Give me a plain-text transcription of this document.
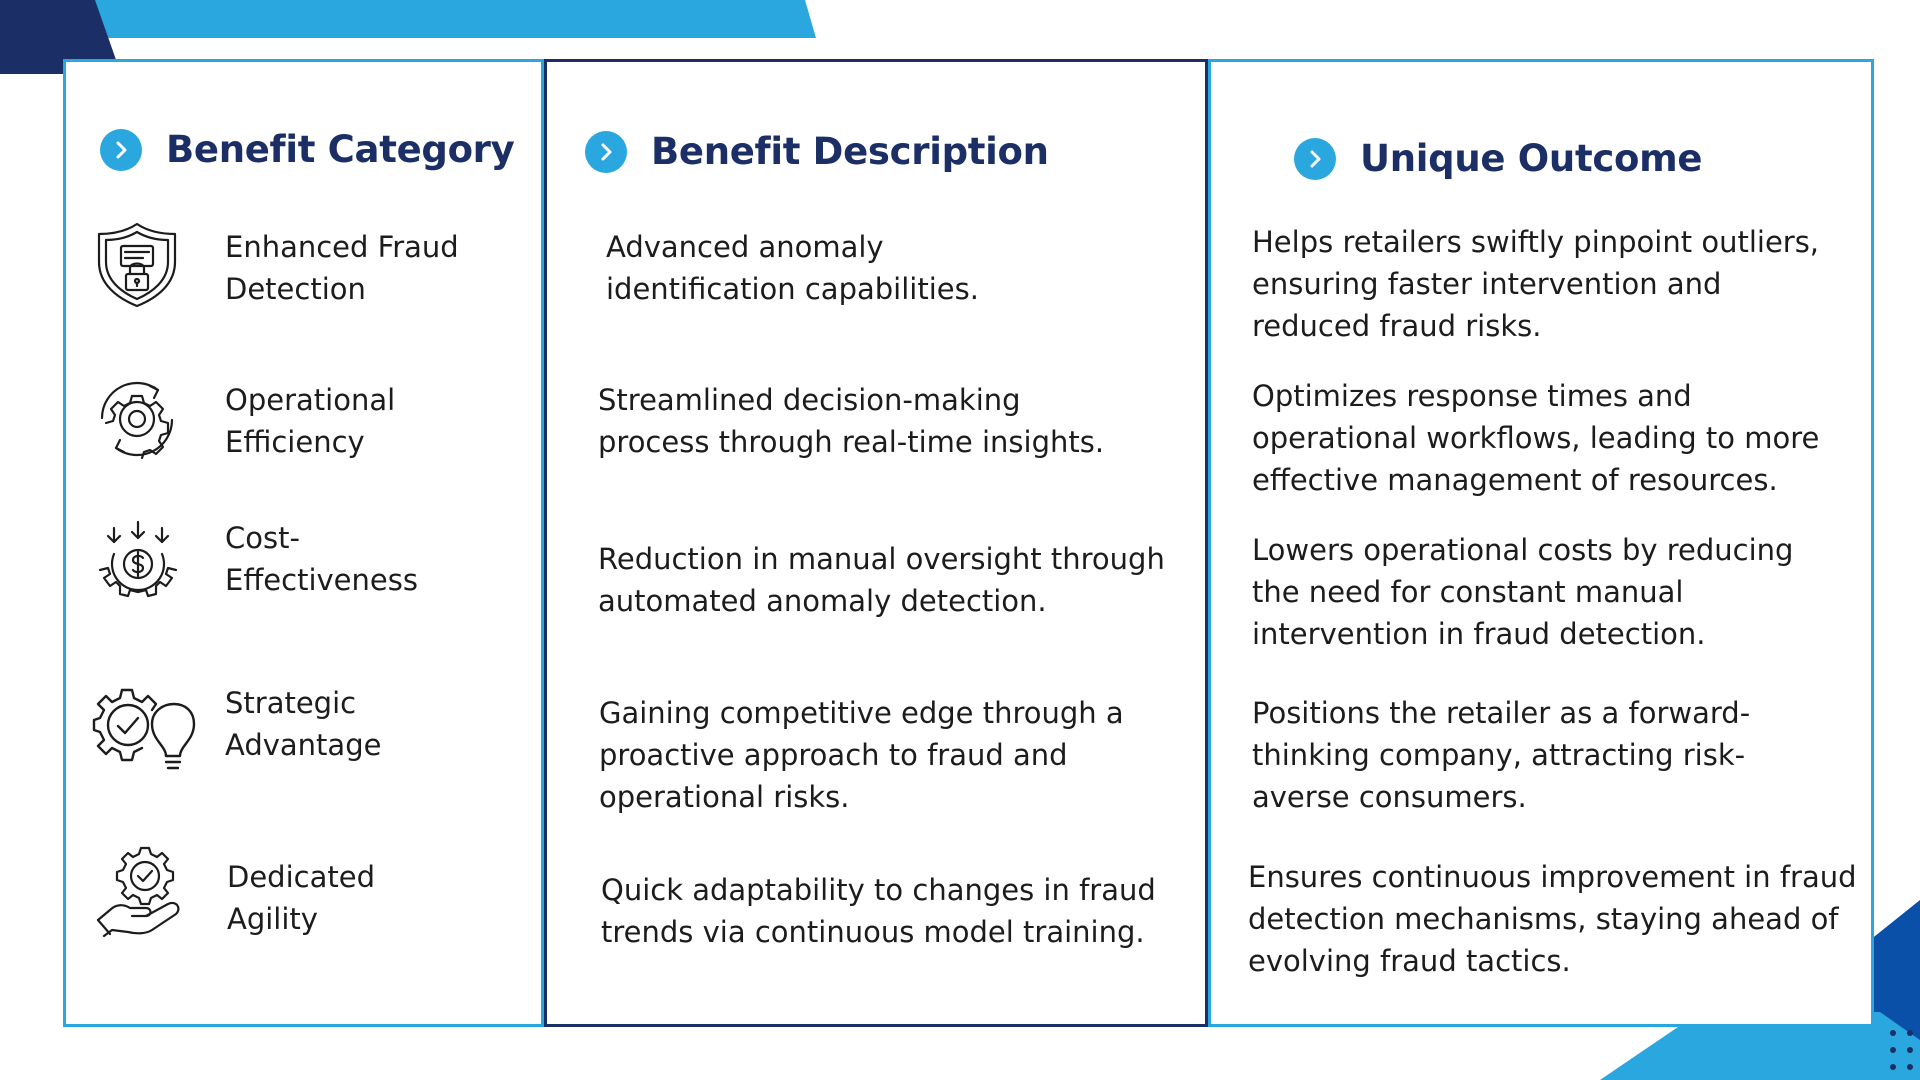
Benefit Category	Benefit Description	Unique Outcome
Enhanced Fraud
Detection
Operational
Efficiency
Cost-
Effectiveness
Strategic
Advantage
Dedicated
Agility
Advanced anomaly
identification capabilities.
Streamlined decision-making
process through real-time insights.
Reduction in manual oversight through
automated anomaly detection.
Gaining competitive edge through a
proactive approach to fraud and
operational risks.
Quick adaptability to changes in fraud
trends via continuous model training.
Helps retailers swiftly pinpoint outliers,
ensuring faster intervention and
reduced fraud risks.
Optimizes response times and
operational workflows, leading to more
effective management of resources.
Lowers operational costs by reducing
the need for constant manual
intervention in fraud detection.
Positions the retailer as a forward-
thinking company, attracting risk-
averse consumers.
Ensures continuous improvement in fraud
detection mechanisms, staying ahead of
evolving fraud tactics.
